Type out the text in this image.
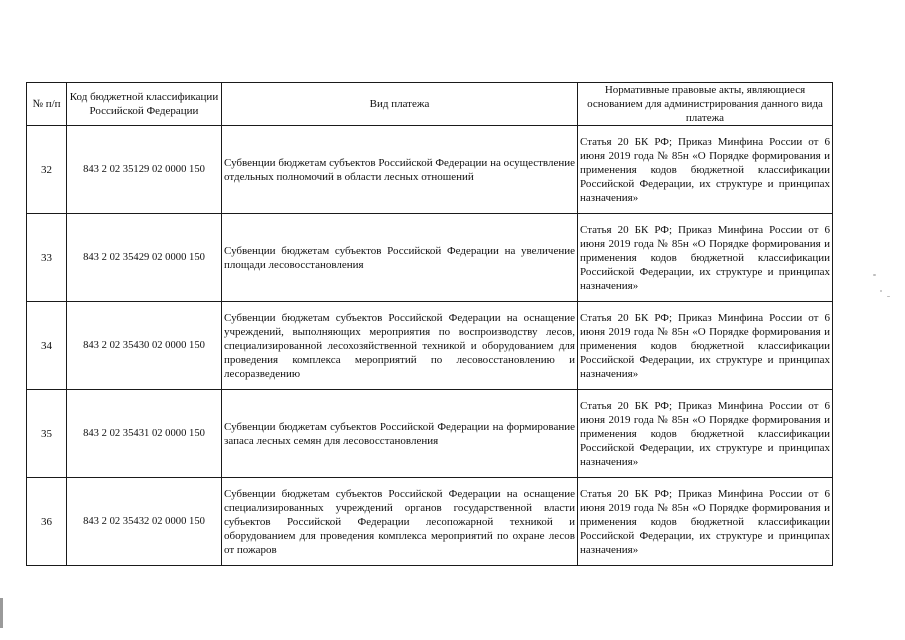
№ п/п	Код бюджетной классификации Российской Федерации	Вид платежа	Нормативные правовые акты, являющиеся основанием для администрирования данного вида платежа
32	843 2 02 35129 02 0000 150	Субвенции бюджетам субъектов Российской Федерации на осуществление отдельных полномочий в области лесных отношений	Статья 20 БК РФ; Приказ Минфина России от 6 июня 2019 года № 85н «О Порядке формирования и применения кодов бюджетной классификации Российской Федерации, их структуре и принципах назначения»
33	843 2 02 35429 02 0000 150	Субвенции бюджетам субъектов Российской Федерации на увеличение площади лесовосстановления	Статья 20 БК РФ; Приказ Минфина России от 6 июня 2019 года № 85н «О Порядке формирования и применения кодов бюджетной классификации Российской Федерации, их структуре и принципах назначения»
34	843 2 02 35430 02 0000 150	Субвенции бюджетам субъектов Российской Федерации на оснащение учреждений, выполняющих мероприятия по воспроизводству лесов, специализированной лесохозяйственной техникой и оборудованием для проведения комплекса мероприятий по лесовосстановлению и лесоразведению	Статья 20 БК РФ; Приказ Минфина России от 6 июня 2019 года № 85н «О Порядке формирования и применения кодов бюджетной классификации Российской Федерации, их структуре и принципах назначения»
35	843 2 02 35431 02 0000 150	Субвенции бюджетам субъектов Российской Федерации на формирование запаса лесных семян для лесовосстановления	Статья 20 БК РФ; Приказ Минфина России от 6 июня 2019 года № 85н «О Порядке формирования и применения кодов бюджетной классификации Российской Федерации, их структуре и принципах назначения»
36	843 2 02 35432 02 0000 150	Субвенции бюджетам субъектов Российской Федерации на оснащение специализированных учреждений органов государственной власти субъектов Российской Федерации лесопожарной техникой и оборудованием для проведения комплекса мероприятий по охране лесов от пожаров	Статья 20 БК РФ; Приказ Минфина России от 6 июня 2019 года № 85н «О Порядке формирования и применения кодов бюджетной классификации Российской Федерации, их структуре и принципах назначения»
